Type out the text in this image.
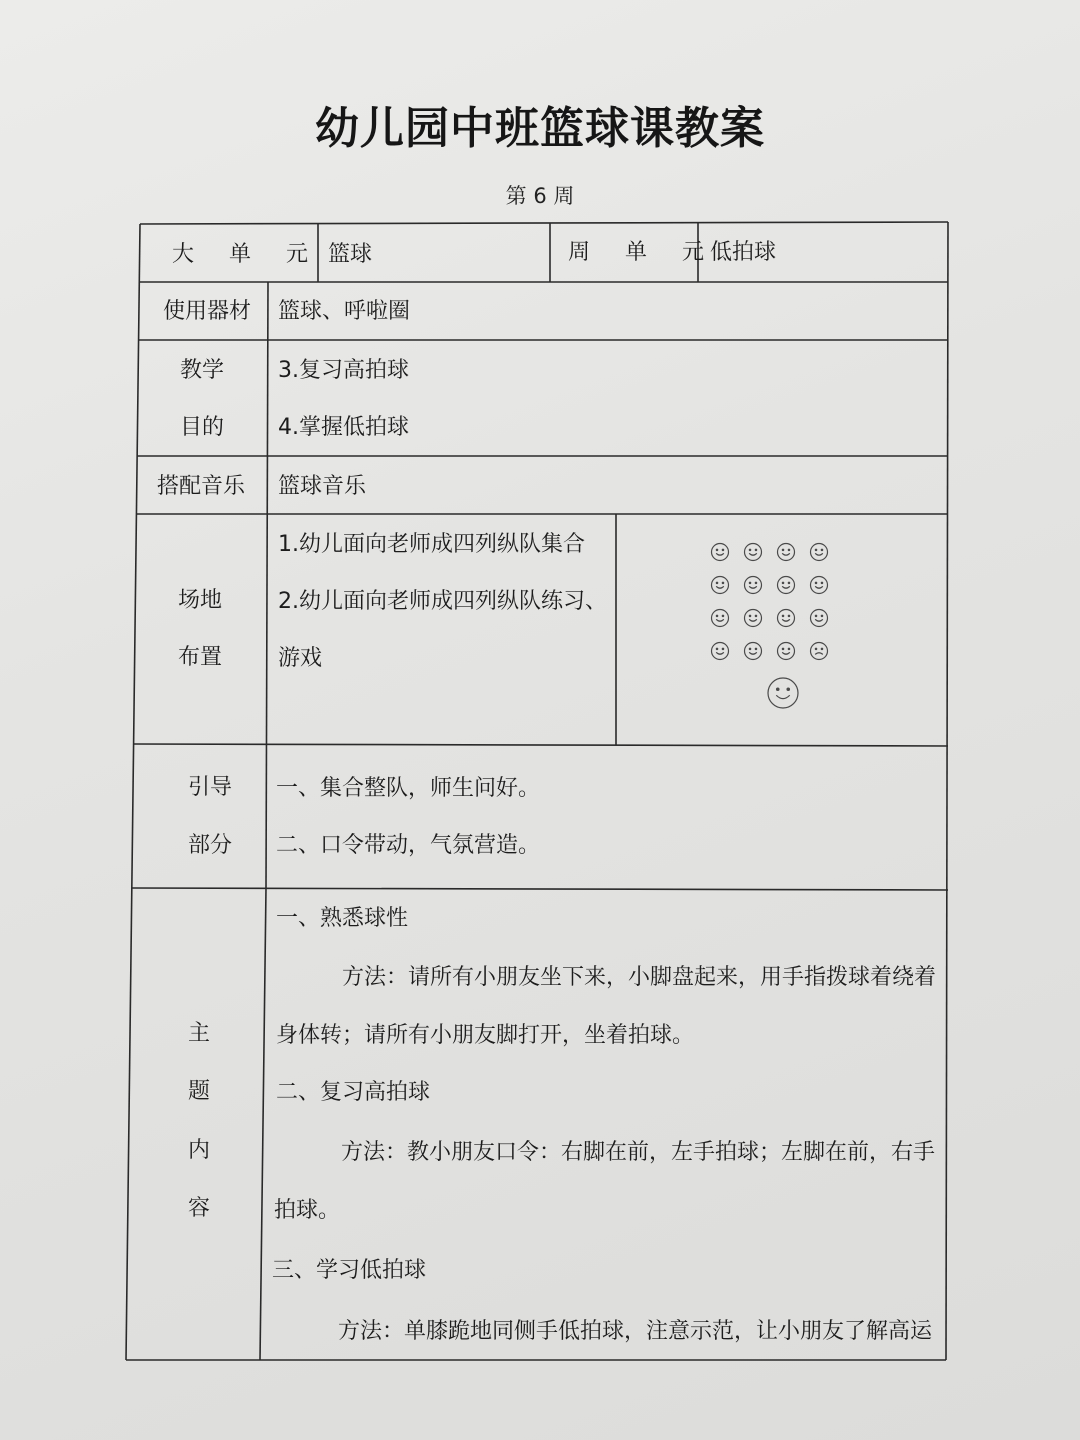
幼儿园中班篮球课教案
第 6 周
大 单 元 篮球	周 单 元
低拍球
使用器材 篮球、呼啦圈
教学
目的
3.复习高拍球
4.掌握低拍球
搭配音乐 篮球音乐
场地
布置
1.幼儿面向老师成四列纵队集合
2.幼儿面向老师成四列纵队练习、
游戏
引导
部分
一、集合整队，师生问好。
二、口令带动，气氛营造。
主
题
内
容
一、熟悉球性
方法：请所有小朋友坐下来，小脚盘起来，用手指拨球着绕着
身体转；请所有小朋友脚打开，坐着拍球。
二、复习高拍球
方法：教小朋友口令：右脚在前，左手拍球；左脚在前，右手
拍球。
三、学习低拍球
方法：单膝跪地同侧手低拍球，注意示范，让小朋友了解高运
